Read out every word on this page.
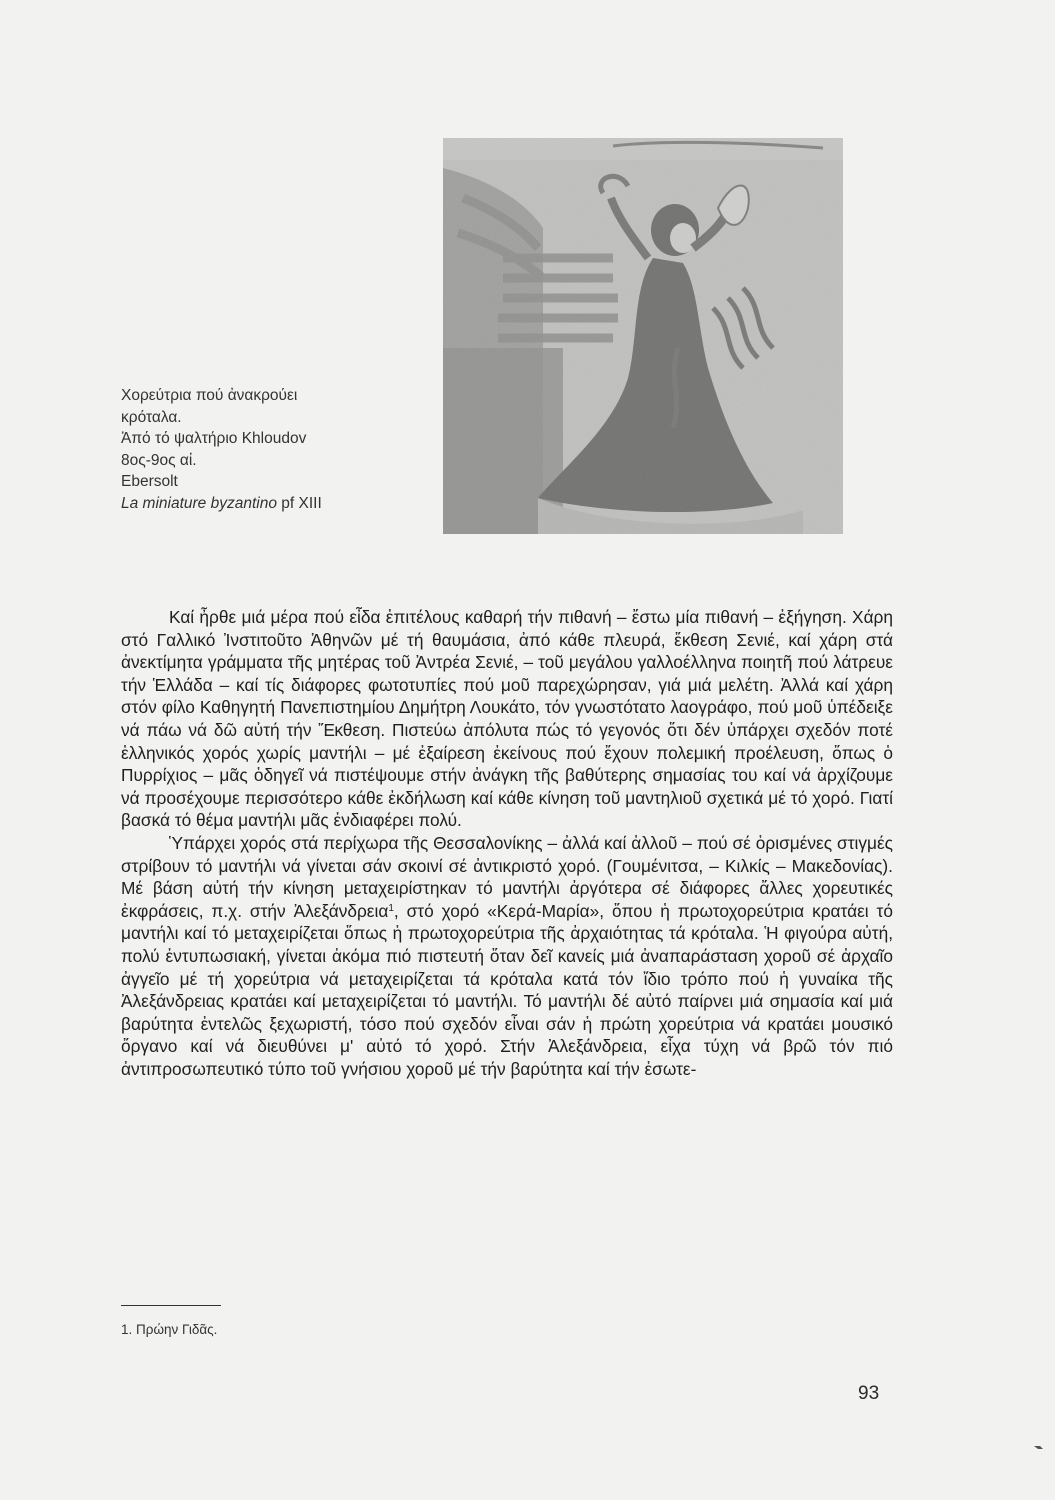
Χορεύτρια πού ἀνακρούει
κρόταλα.
Ἀπό τό ψαλτήριο Khloudov
8ος-9ος αἰ.
Ebersolt
La miniature byzantino pf XIII

Καί ἦρθε μιά μέρα πού εἶδα ἐπιτέλους καθαρή τήν πιθανή – ἔστω μία πιθανή – ἐξήγηση. Χάρη στό Γαλλικό Ἰνστιτοῦτο Ἀθηνῶν μέ τή θαυμάσια, ἀπό κάθε πλευρά, ἔκθεση Σενιέ, καί χάρη στά ἀνεκτίμητα γράμματα τῆς μητέρας τοῦ Ἀντρέα Σενιέ, – τοῦ μεγάλου γαλλοέλληνα ποιητῆ πού λάτρευε τήν Ἑλλάδα – καί τίς διάφορες φωτοτυπίες πού μοῦ παρεχώρησαν, γιά μιά μελέτη. Ἀλλά καί χάρη στόν φίλο Καθηγητή Πανεπιστημίου Δημήτρη Λουκάτο, τόν γνωστότατο λαογράφο, πού μοῦ ὑπέδειξε νά πάω νά δῶ αὐτή τήν Ἔκθεση. Πιστεύω ἀπόλυτα πώς τό γεγονός ὅτι δέν ὑπάρχει σχεδόν ποτέ ἑλληνικός χορός χωρίς μαντήλι – μέ ἐξαίρεση ἐκείνους πού ἔχουν πολεμική προέλευση, ὅπως ὁ Πυρρίχιος – μᾶς ὁδηγεῖ νά πιστέψουμε στήν ἀνάγκη τῆς βαθύτερης σημασίας του καί νά ἀρχίζουμε νά προσέχουμε περισσότερο κάθε ἐκδήλωση καί κάθε κίνηση τοῦ μαντηλιοῦ σχετικά μέ τό χορό. Γιατί βασκά τό θέμα μαντήλι μᾶς ἐνδιαφέρει πολύ.

Ὑπάρχει χορός στά περίχωρα τῆς Θεσσαλονίκης – ἀλλά καί ἀλλοῦ – πού σέ ὁρισμένες στιγμές στρίβουν τό μαντήλι νά γίνεται σάν σκοινί σέ ἀντικριστό χορό. (Γουμένιτσα, – Κιλκίς – Μακεδονίας). Μέ βάση αὐτή τήν κίνηση μεταχειρίστηκαν τό μαντήλι ἀργότερα σέ διάφορες ἄλλες χορευτικές ἐκφράσεις, π.χ. στήν Ἀλεξάνδρεια$^1$, στό χορό «Κερά-Μαρία», ὅπου ἡ πρωτοχορεύτρια κρατάει τό μαντήλι καί τό μεταχειρίζεται ὅπως ἡ πρωτοχορεύτρια τῆς ἀρχαιότητας τά κρόταλα. Ἡ φιγούρα αὐτή, πολύ ἐντυπωσιακή, γίνεται ἀκόμα πιό πιστευτή ὅταν δεῖ κανείς μιά ἀναπαράσταση χοροῦ σέ ἀρχαῖο ἀγγεῖο μέ τή χορεύτρια νά μεταχειρίζεται τά κρόταλα κατά τόν ἴδιο τρόπο πού ἡ γυναίκα τῆς Ἀλεξάνδρειας κρατάει καί μεταχειρίζεται τό μαντήλι. Τό μαντήλι δέ αὐτό παίρνει μιά σημασία καί μιά βαρύτητα ἐντελῶς ξεχωριστή, τόσο πού σχεδόν εἶναι σάν ἡ πρώτη χορεύτρια νά κρατάει μουσικό ὄργανο καί νά διευθύνει μ' αὐτό τό χορό. Στήν Ἀλεξάνδρεια, εἶχα τύχη νά βρῶ τόν πιό ἀντιπροσωπευτικό τύπο τοῦ γνήσιου χοροῦ μέ τήν βαρύτητα καί τήν ἐσωτε-

1. Πρώην Γιδᾶς.
93
